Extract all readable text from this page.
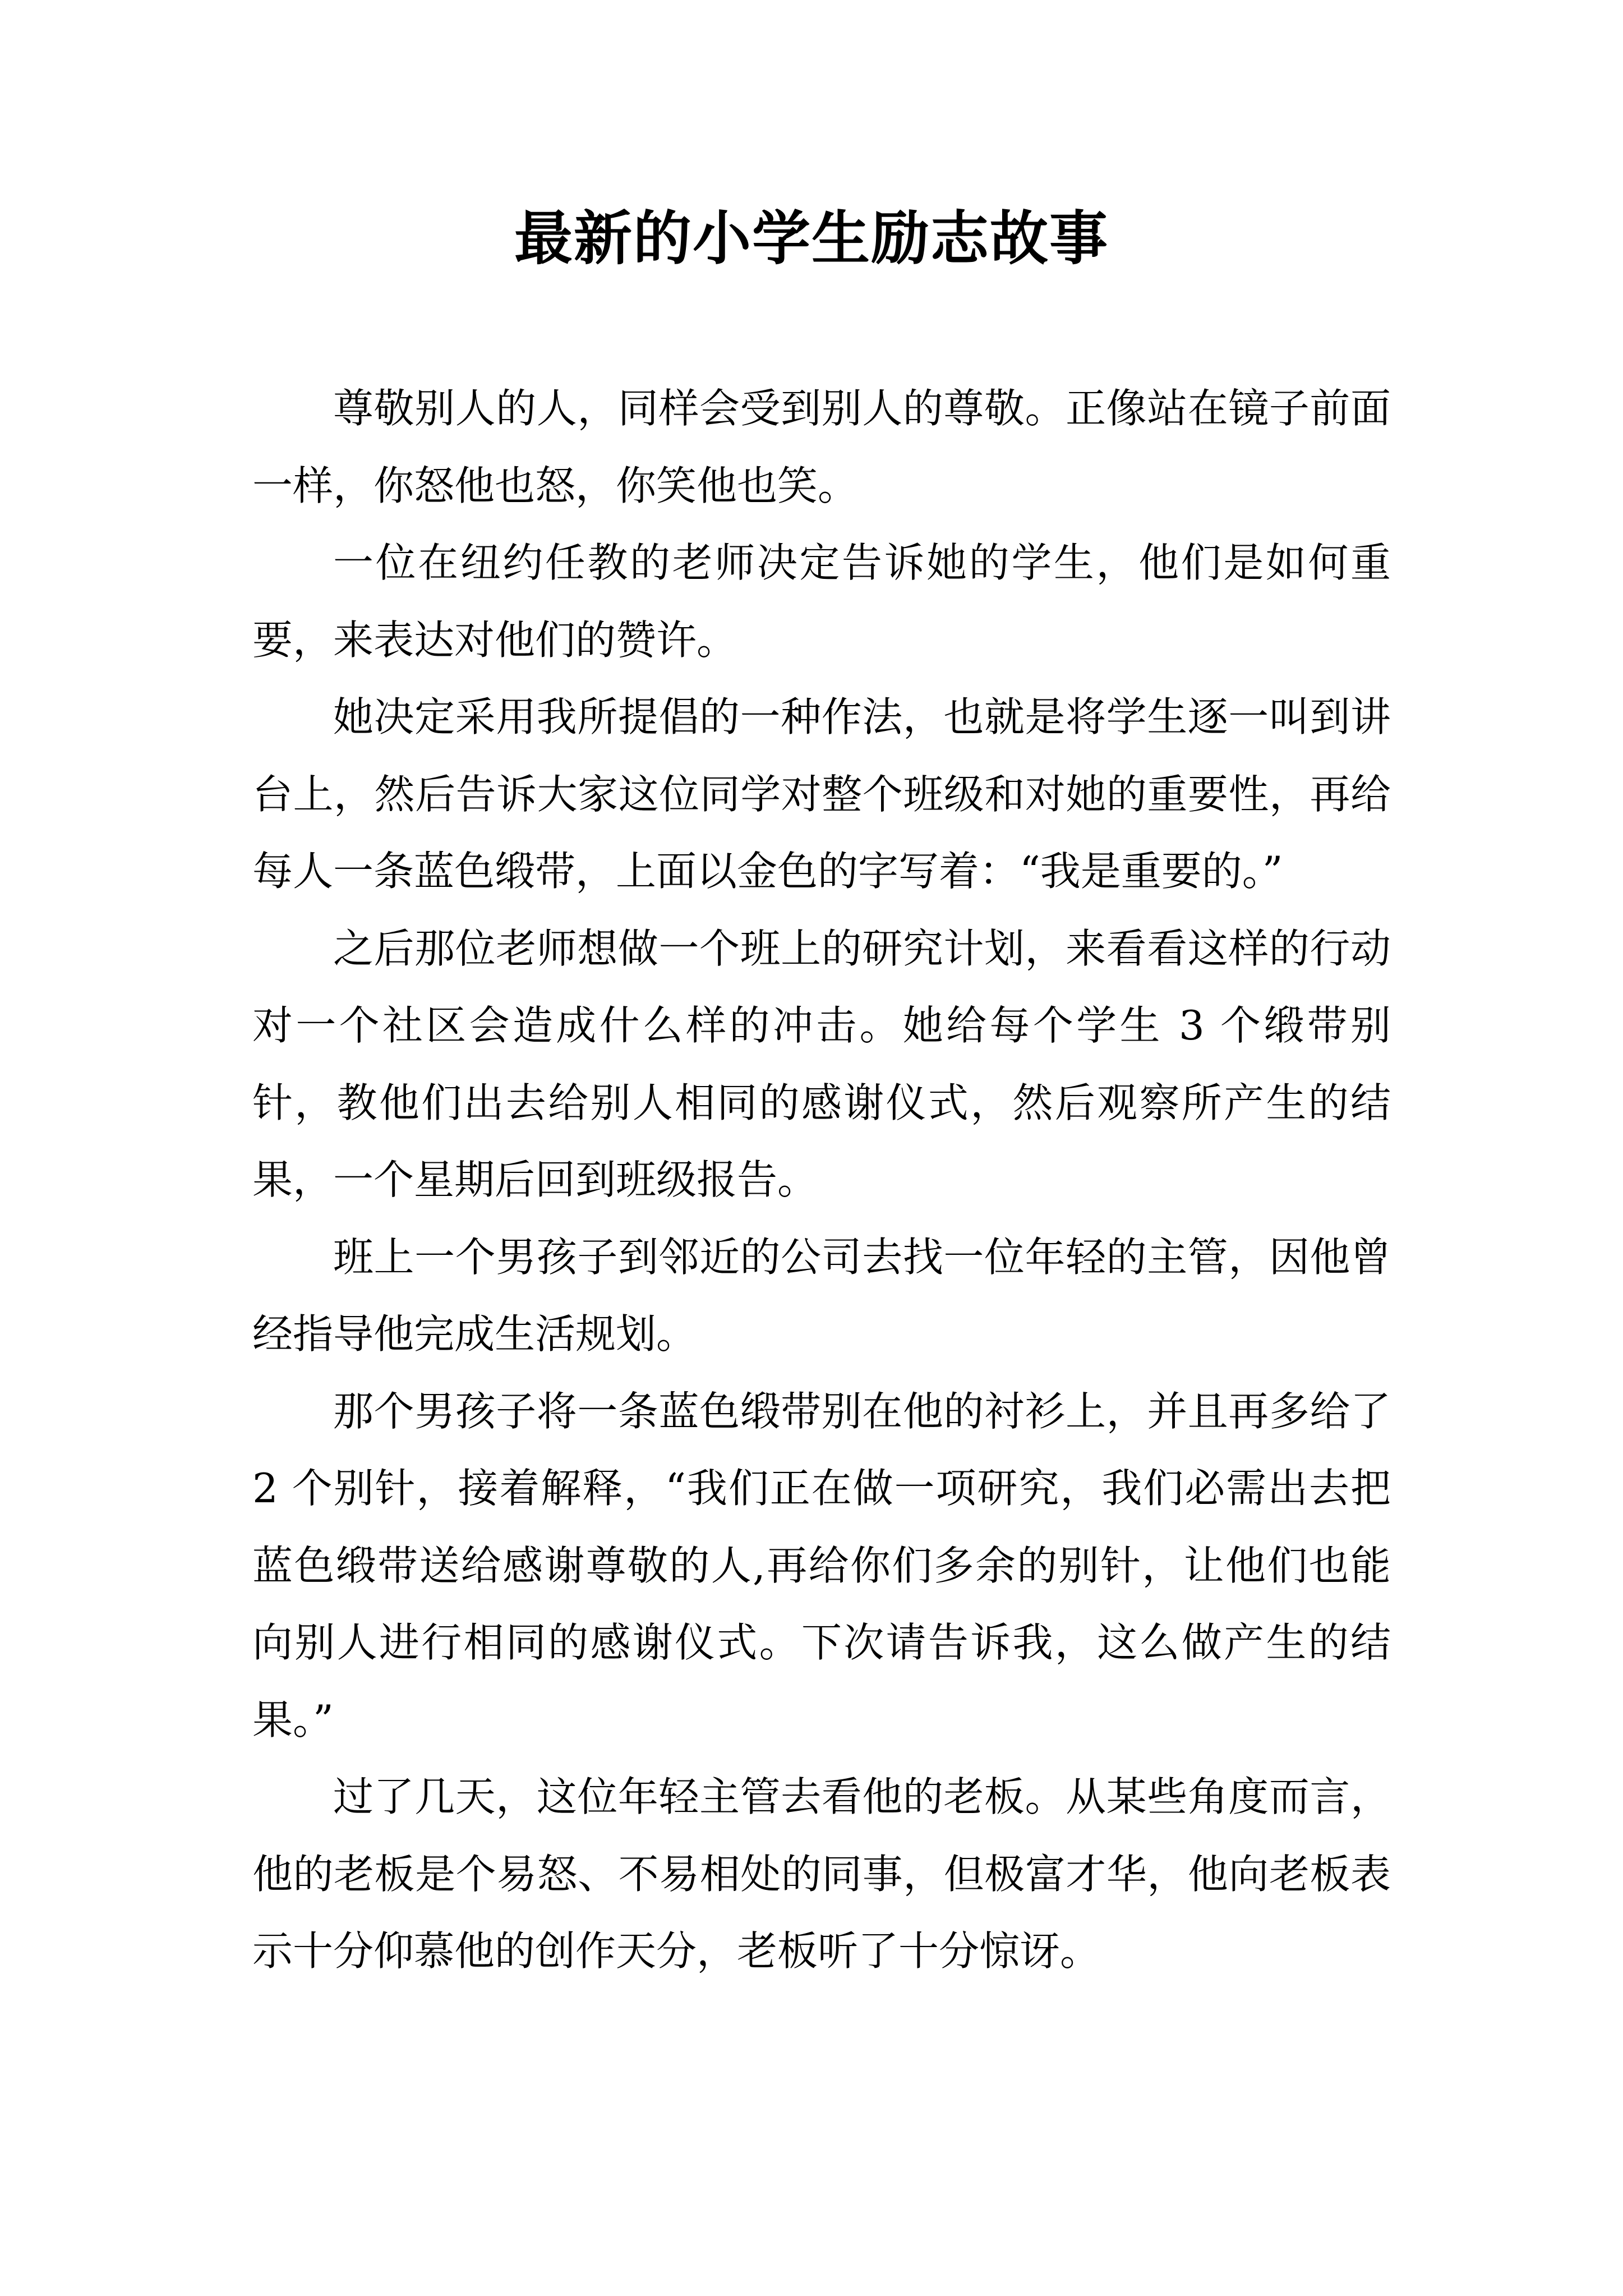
最新的小学生励志故事

尊敬别人的人，同样会受到别人的尊敬。正像站在镜子前面一样，你怒他也怒，你笑他也笑。

一位在纽约任教的老师决定告诉她的学生，他们是如何重要，来表达对他们的赞许。

她决定采用我所提倡的一种作法，也就是将学生逐一叫到讲台上，然后告诉大家这位同学对整个班级和对她的重要性，再给每人一条蓝色缎带，上面以金色的字写着：“我是重要的。”

之后那位老师想做一个班上的研究计划，来看看这样的行动对一个社区会造成什么样的冲击。她给每个学生 3 个缎带别针，教他们出去给别人相同的感谢仪式，然后观察所产生的结果，一个星期后回到班级报告。

班上一个男孩子到邻近的公司去找一位年轻的主管，因他曾经指导他完成生活规划。

那个男孩子将一条蓝色缎带别在他的衬衫上，并且再多给了 2 个别针，接着解释，“我们正在做一项研究，我们必需出去把蓝色缎带送给感谢尊敬的人,再给你们多余的别针，让他们也能向别人进行相同的感谢仪式。下次请告诉我，这么做产生的结果。”

过了几天，这位年轻主管去看他的老板。从某些角度而言，他的老板是个易怒、不易相处的同事，但极富才华，他向老板表示十分仰慕他的创作天分，老板听了十分惊讶。
